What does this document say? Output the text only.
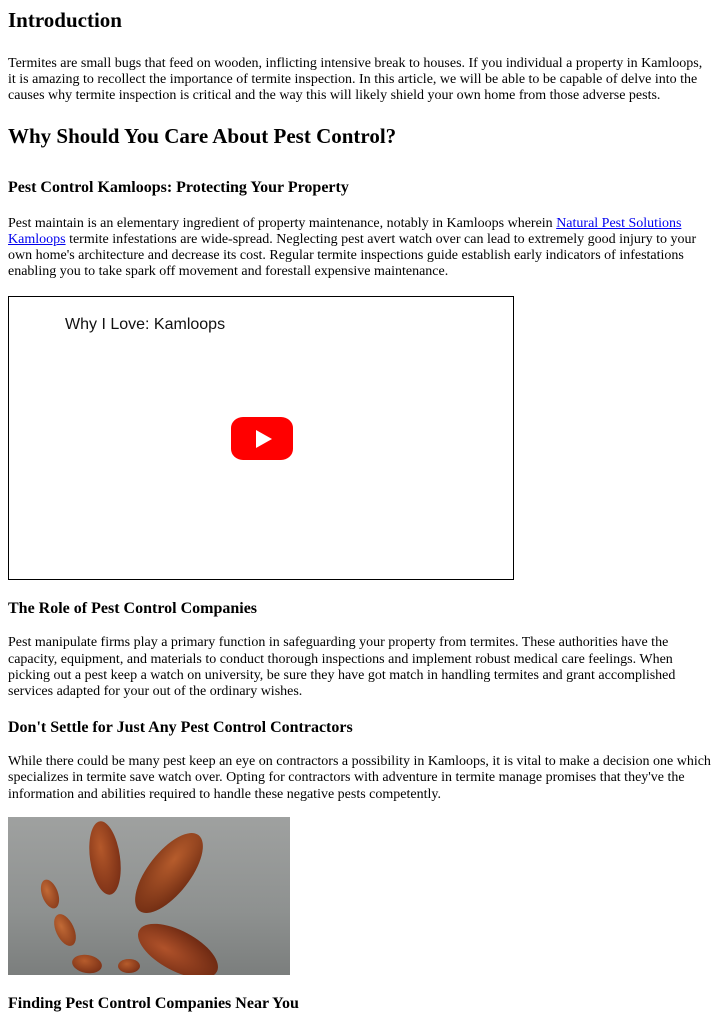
Introduction

Termites are small bugs that feed on wooden, inflicting intensive break to houses. If you individual a property in Kamloops, it is amazing to recollect the importance of termite inspection. In this article, we will be able to be capable of delve into the causes why termite inspection is critical and the way this will likely shield your own home from those adverse pests.

Why Should You Care About Pest Control?
Pest Control Kamloops: Protecting Your Property

Pest maintain is an elementary ingredient of property maintenance, notably in Kamloops wherein Natural Pest Solutions Kamloops termite infestations are wide-spread. Neglecting pest avert watch over can lead to extremely good injury to your own home's architecture and decrease its cost. Regular termite inspections guide establish early indicators of infestations enabling you to take spark off movement and forestall expensive maintenance.

Why I Love: Kamloops
The Role of Pest Control Companies

Pest manipulate firms play a primary function in safeguarding your property from termites. These authorities have the capacity, equipment, and materials to conduct thorough inspections and implement robust medical care feelings. When picking out a pest keep a watch on university, be sure they have got match in handling termites and grant accomplished services adapted for your out of the ordinary wishes.

Don't Settle for Just Any Pest Control Contractors

While there could be many pest keep an eye on contractors a possibility in Kamloops, it is vital to make a decision one which specializes in termite save watch over. Opting for contractors with adventure in termite manage promises that they've the information and abilities required to handle these negative pests competently.

Finding Pest Control Companies Near You
